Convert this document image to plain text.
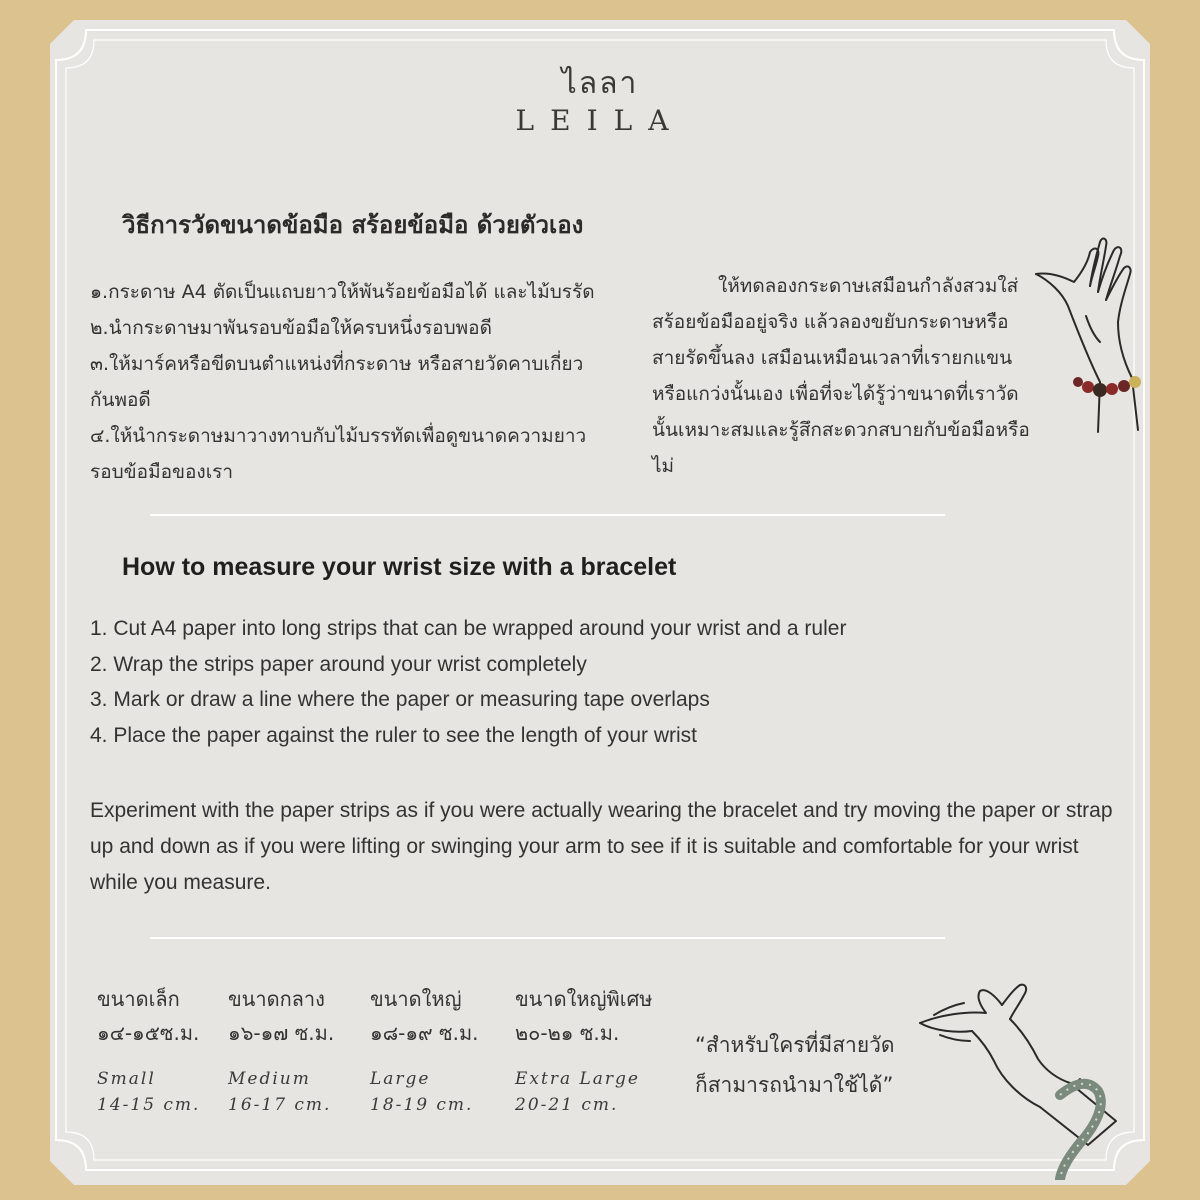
ไลลา
LEILA
วิธีการวัดขนาดข้อมือ สร้อยข้อมือ ด้วยตัวเอง
๑.กระดาษ A4 ตัดเป็นแถบยาวให้พันร้อยข้อมือได้ และไม้บรรัด
๒.นำกระดาษมาพันรอบข้อมือให้ครบหนึ่งรอบพอดี
๓.ให้มาร์คหรือขีดบนตำแหน่งที่กระดาษ หรือสายวัดคาบเกี่ยว
กันพอดี
๔.ให้นำกระดาษมาวางทาบกับไม้บรรทัดเพื่อดูขนาดความยาว
รอบข้อมือของเรา
ให้ทดลองกระดาษเสมือนกำลังสวมใส่สร้อยข้อมืออยู่จริง แล้วลองขยับกระดาษหรือสายรัดขึ้นลง เสมือนเหมือนเวลาที่เรายกแขนหรือแกว่งนั้นเอง เพื่อที่จะได้รู้ว่าขนาดที่เราวัดนั้นเหมาะสมและรู้สึกสะดวกสบายกับข้อมือหรือไม่
How to measure your wrist size with a bracelet
1. Cut A4 paper into long strips that can be wrapped around your wrist and a ruler
2. Wrap the strips paper around your wrist completely
3. Mark or draw a line where the paper or measuring tape overlaps
4. Place the paper against the ruler to see the length of your wrist
Experiment with the paper strips as if you were actually wearing the bracelet and try moving the paper or strap up and down as if you were lifting or swinging your arm to see if it is suitable and comfortable for your wrist while you measure.
ขนาดเล็ก
๑๔-๑๕ซ.ม.
Small
14-15 cm.
ขนาดกลาง
๑๖-๑๗ ซ.ม.
Medium
16-17 cm.
ขนาดใหญ่
๑๘-๑๙ ซ.ม.
Large
18-19 cm.
ขนาดใหญ่พิเศษ
๒๐-๒๑ ซ.ม.
Extra Large
20-21 cm.
“สำหรับใครที่มีสายวัด
ก็สามารถนำมาใช้ได้”
